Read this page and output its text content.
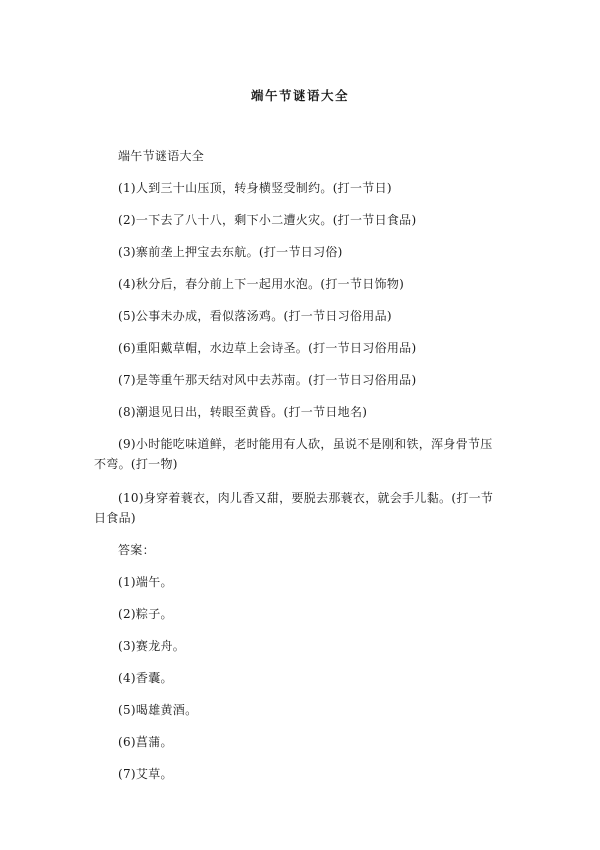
端午节谜语大全

端午节谜语大全

(1)人到三十山压顶，转身横竖受制约。(打一节日)

(2)一下去了八十八，剩下小二遭火灾。(打一节日食品)

(3)寨前垄上押宝去东航。(打一节日习俗)

(4)秋分后，春分前上下一起用水泡。(打一节日饰物)

(5)公事未办成，看似落汤鸡。(打一节日习俗用品)

(6)重阳戴草帽，水边草上会诗圣。(打一节日习俗用品)

(7)是等重午那天结对风中去苏南。(打一节日习俗用品)

(8)潮退见日出，转眼至黄昏。(打一节日地名)

(9)小时能吃味道鲜，老时能用有人砍，虽说不是刚和铁，浑身骨节压不弯。(打一物)

(10)身穿着蓑衣，肉儿香又甜，要脱去那蓑衣，就会手儿黏。(打一节日食品)

答案：

(1)端午。

(2)粽子。

(3)赛龙舟。

(4)香囊。

(5)喝雄黄酒。

(6)菖蒲。

(7)艾草。
